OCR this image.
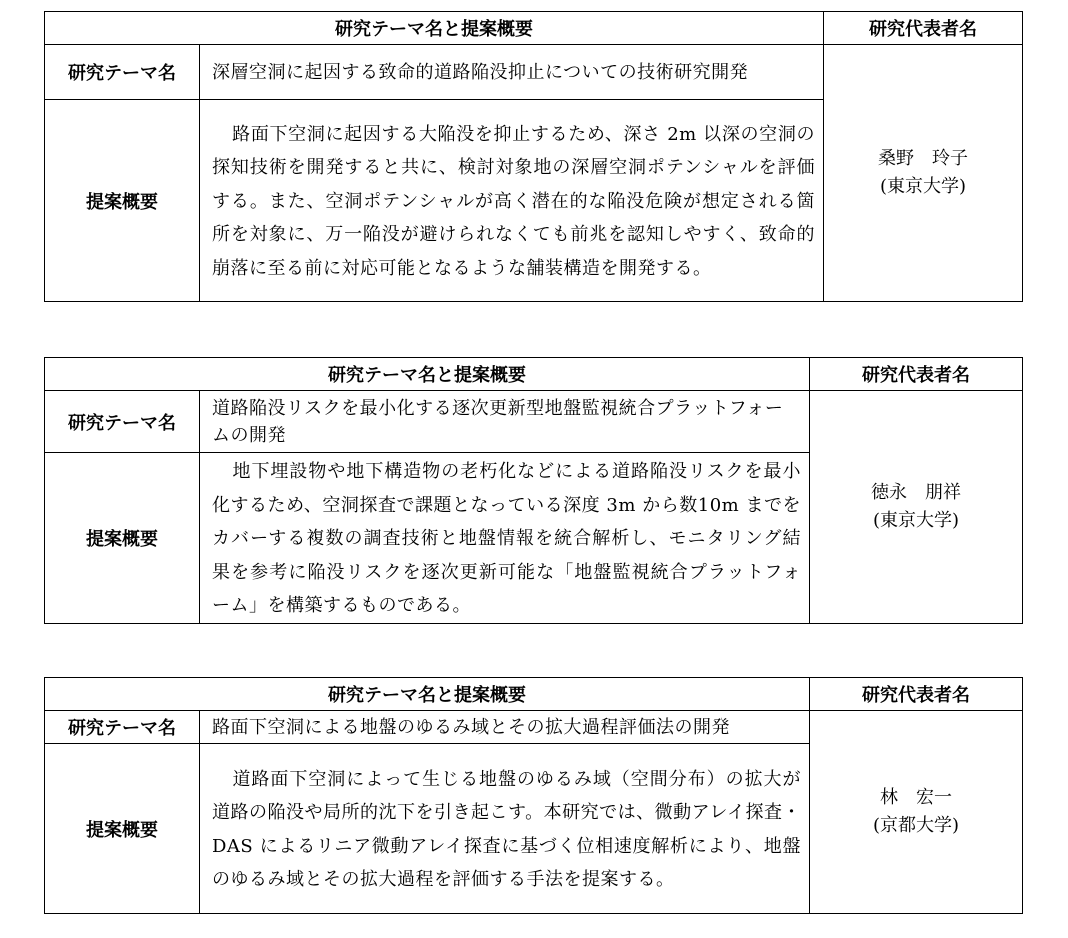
研究テーマ名と提案概要		研究代表者名
研究テーマ名	深層空洞に起因する致命的道路陥没抑止についての技術研究開発	桑野　玲子
(東京大学)

提案概要	路面下空洞に起因する大陥没を抑止するため、深さ 2m 以深の空洞の探知技術を開発すると共に、検討対象地の深層空洞ポテンシャルを評価する。また、空洞ポテンシャルが高く潜在的な陥没危険が想定される箇所を対象に、万一陥没が避けられなくても前兆を認知しやすく、致命的崩落に至る前に対応可能となるような舗装構造を開発する。	
研究テーマ名と提案概要		研究代表者名
研究テーマ名	道路陥没リスクを最小化する逐次更新型地盤監視統合プラットフォームの開発	徳永　朋祥
(東京大学)

提案概要	地下埋設物や地下構造物の老朽化などによる道路陥没リスクを最小化するため、空洞探査で課題となっている深度 3m から数10m までをカバーする複数の調査技術と地盤情報を統合解析し、モニタリング結果を参考に陥没リスクを逐次更新可能な「地盤監視統合プラットフォーム」を構築するものである。	
研究テーマ名と提案概要		研究代表者名
研究テーマ名	路面下空洞による地盤のゆるみ域とその拡大過程評価法の開発	林　宏一
(京都大学)

提案概要	道路面下空洞によって生じる地盤のゆるみ域（空間分布）の拡大が道路の陥没や局所的沈下を引き起こす。本研究では、微動アレイ探査・DAS によるリニア微動アレイ探査に基づく位相速度解析により、地盤のゆるみ域とその拡大過程を評価する手法を提案する。	
